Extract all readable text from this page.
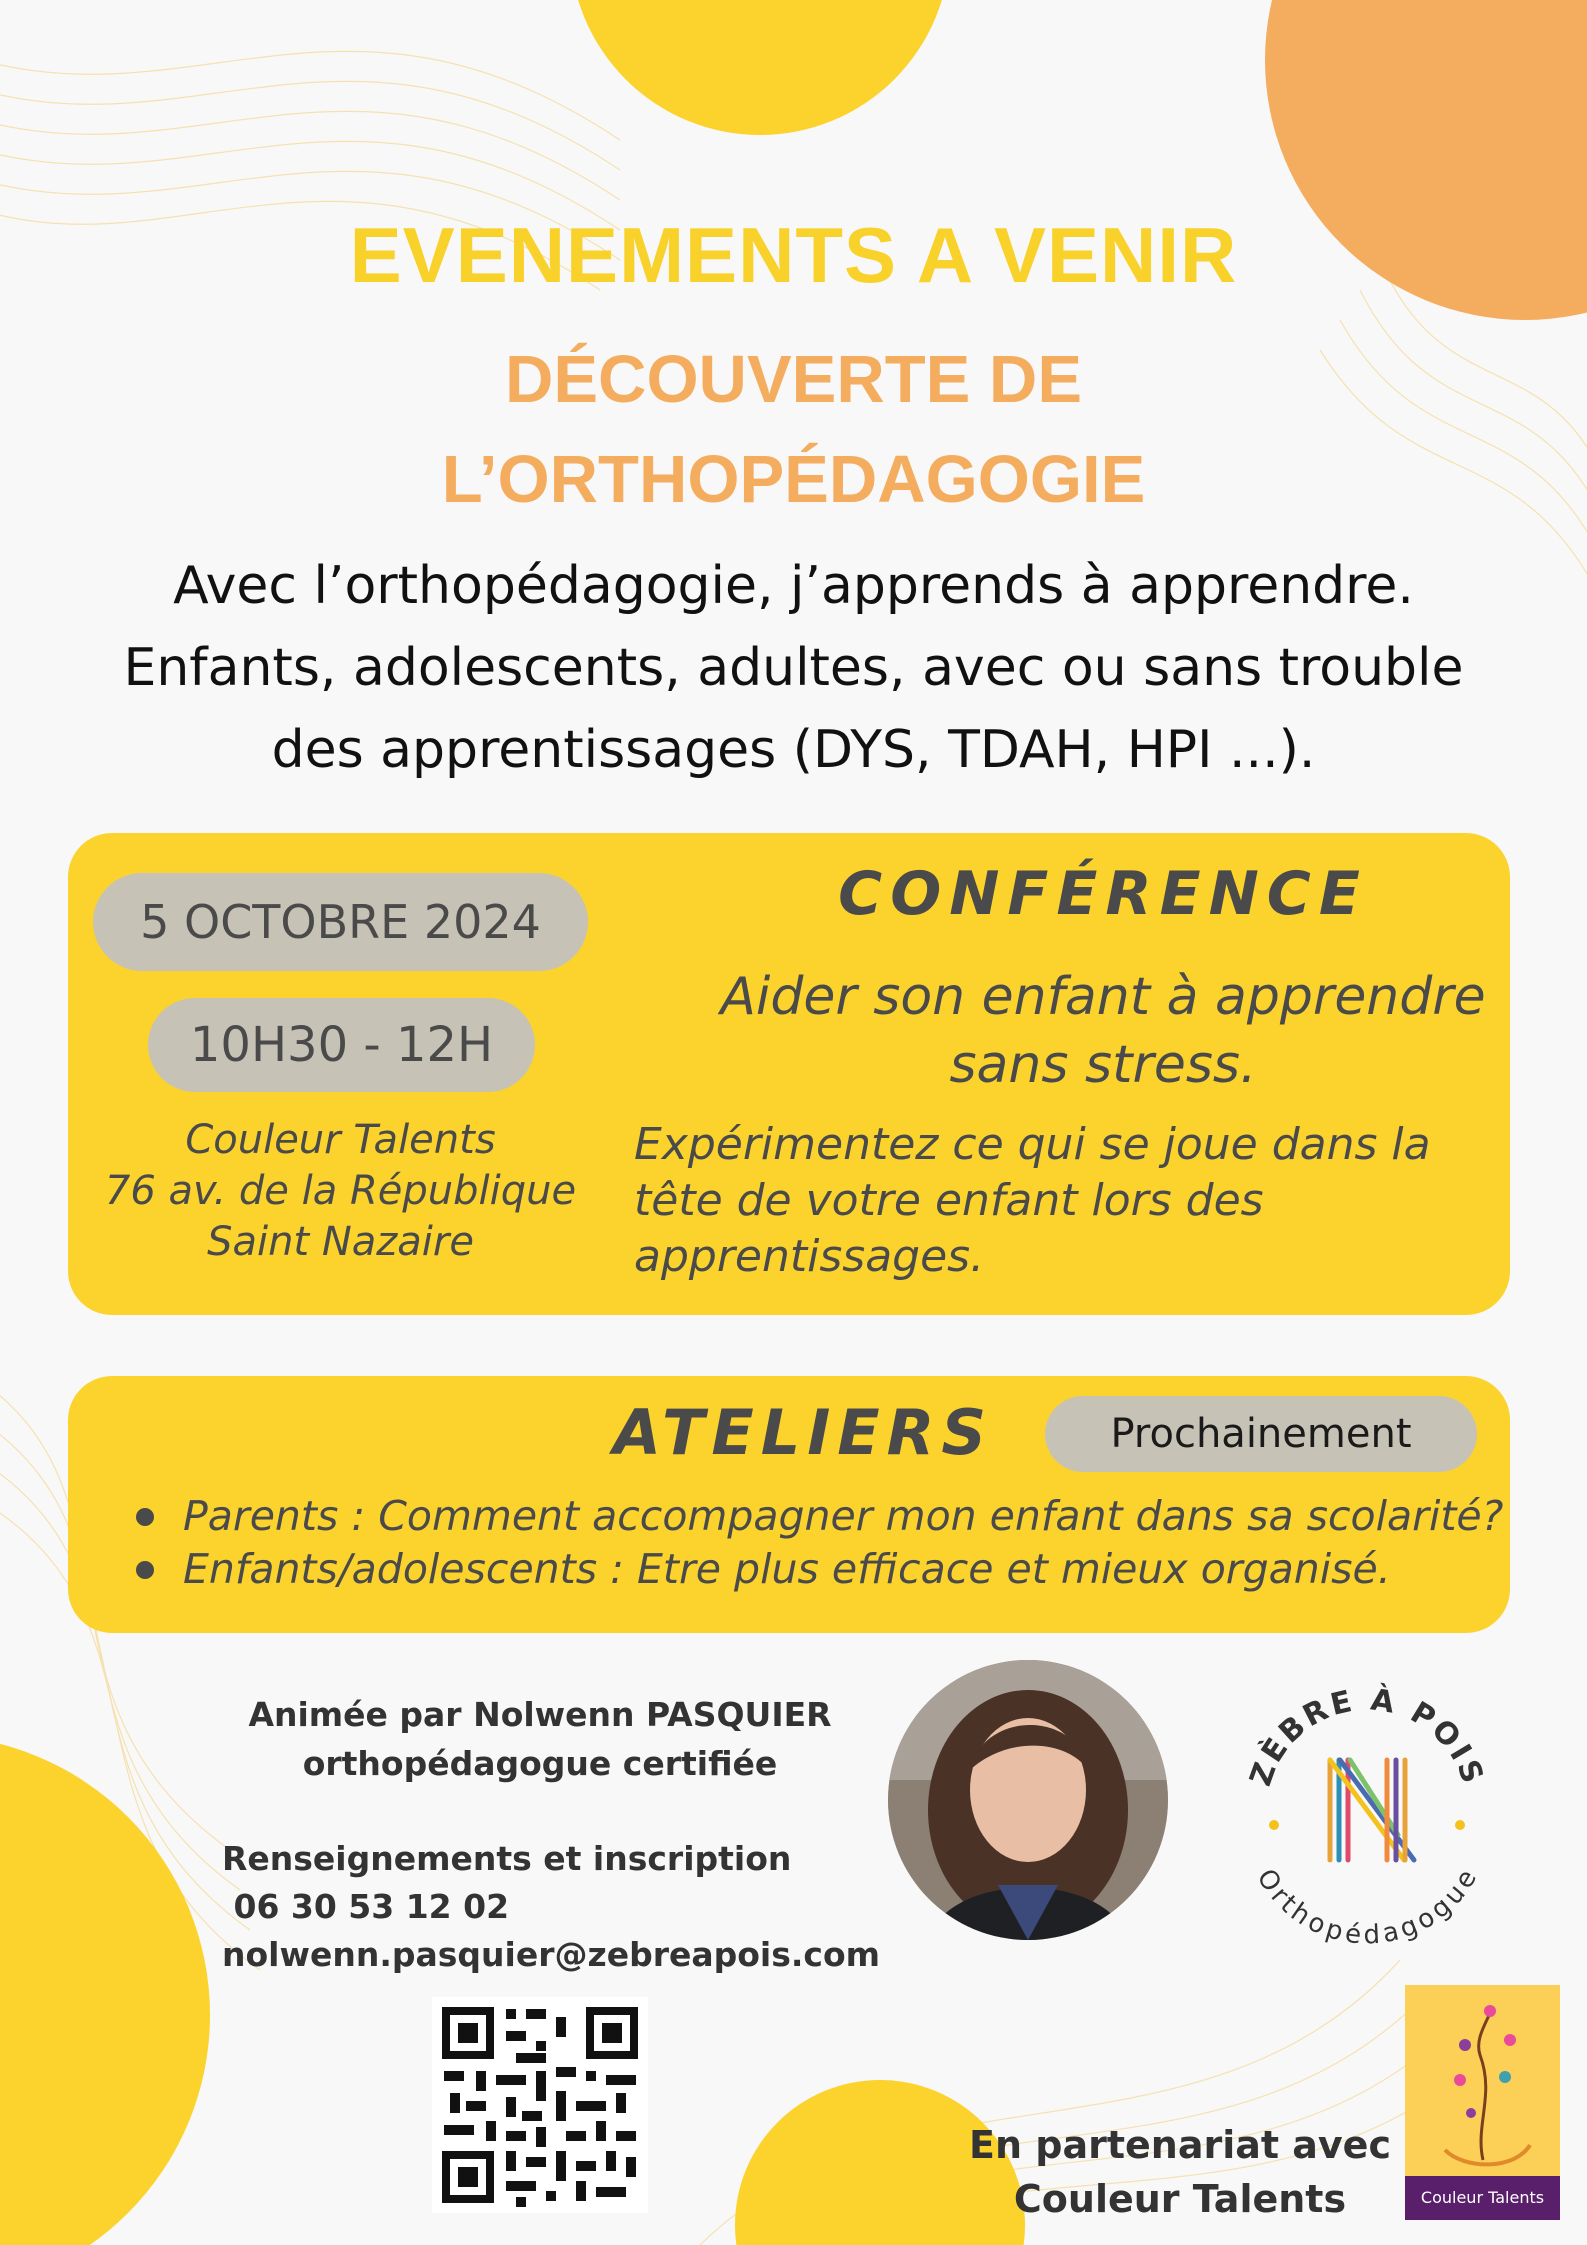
EVENEMENTS A VENIR
DÉCOUVERTE DE
L’ORTHOPÉDAGOGIE
Avec l’orthopédagogie, j’apprends à apprendre.
Enfants, adolescents, adultes, avec ou sans trouble
des apprentissages (DYS, TDAH, HPI ...).
5 OCTOBRE 2024
10H30 - 12H
Couleur Talents
76 av. de la République
Saint Nazaire
CONFÉRENCE
Aider son enfant à apprendre
sans stress.
Expérimentez ce qui se joue dans la
tête de votre enfant lors des
apprentissages.
ATELIERS	Prochainement
Parents : Comment accompagner mon enfant dans sa scolarité?
Enfants/adolescents : Etre plus efficace et mieux organisé.
Animée par Nolwenn PASQUIER
orthopédagogue certifiée
Renseignements et inscription
06 30 53 12 02
nolwenn.pasquier@zebreapois.com
ZÈBRE À POIS
Orthopédagogue
En partenariat avec
Couleur Talents	Couleur Talents
